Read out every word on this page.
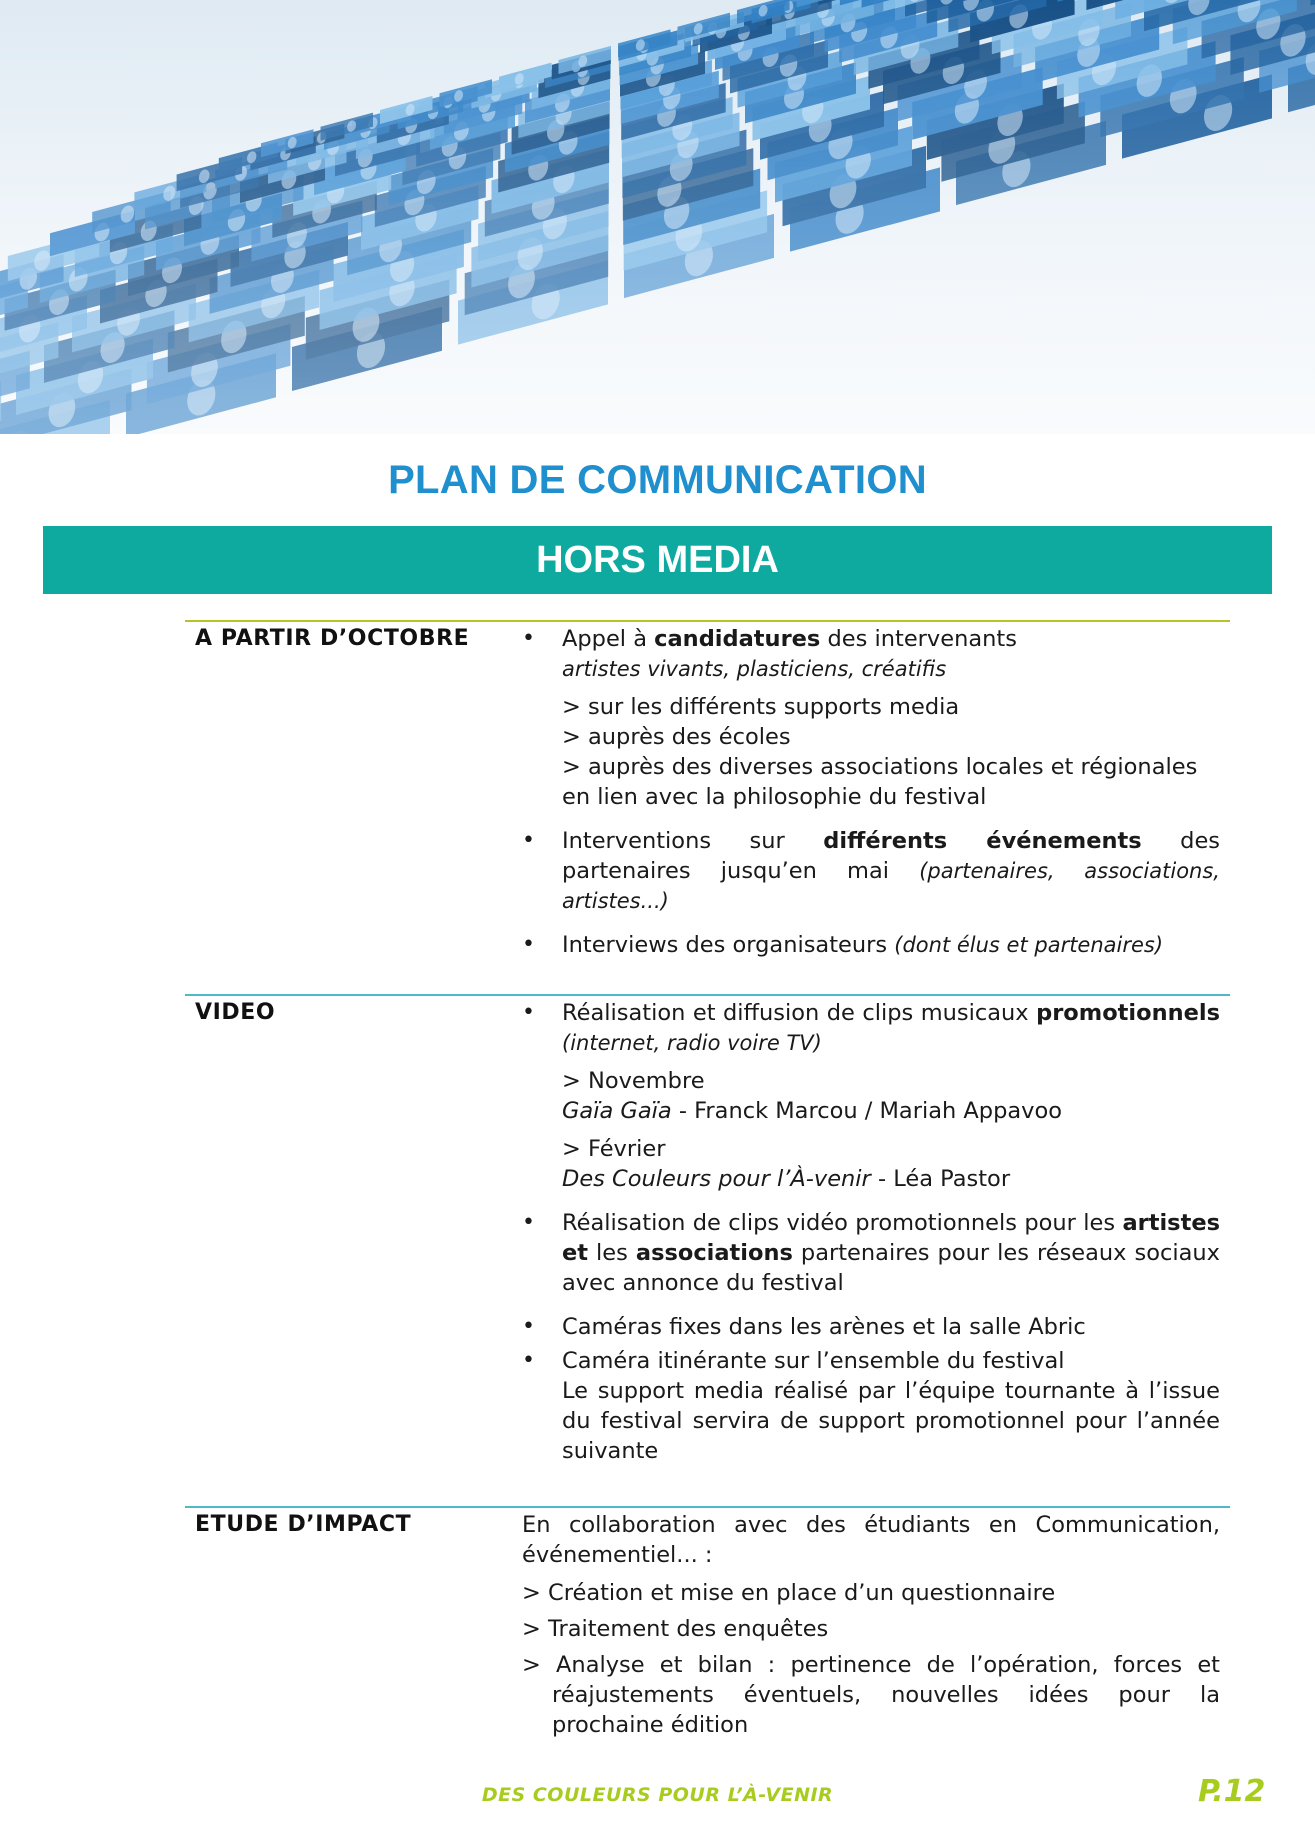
PLAN DE COMMUNICATION
HORS MEDIA
A PARTIR D’OCTOBRE • Appel à candidatures des intervenants
artistes vivants, plasticiens, créatifis
> sur les différents supports media
> auprès des écoles
> auprès des diverses associations locales et régionales en lien avec la philosophie du festival
• Interventions sur différents événements des partenaires jusqu’en mai (partenaires, associations, artistes...)
• Interviews des organisateurs (dont élus et partenaires)
VIDEO	• Réalisation et diffusion de clips musicaux promotionnels (internet, radio voire TV)
> Novembre
Gaïa Gaïa - Franck Marcou / Mariah Appavoo
> Février
Des Couleurs pour l’À-venir - Léa Pastor
• Réalisation de clips vidéo promotionnels pour les artistes et les associations partenaires pour les réseaux sociaux avec annonce du festival
• Caméras fixes dans les arènes et la salle Abric
• Caméra itinérante sur l’ensemble du festival
Le support media réalisé par l’équipe tournante à l’issue du festival servira de support promotionnel pour l’année suivante
ETUDE D’IMPACT	En collaboration avec des étudiants en Communication, événementiel... :
> Création et mise en place d’un questionnaire
> Traitement des enquêtes
> Analyse et bilan : pertinence de l’opération, forces et réajustements éventuels, nouvelles idées pour la prochaine édition
DES COULEURS POUR L’À-VENIR	P.12
